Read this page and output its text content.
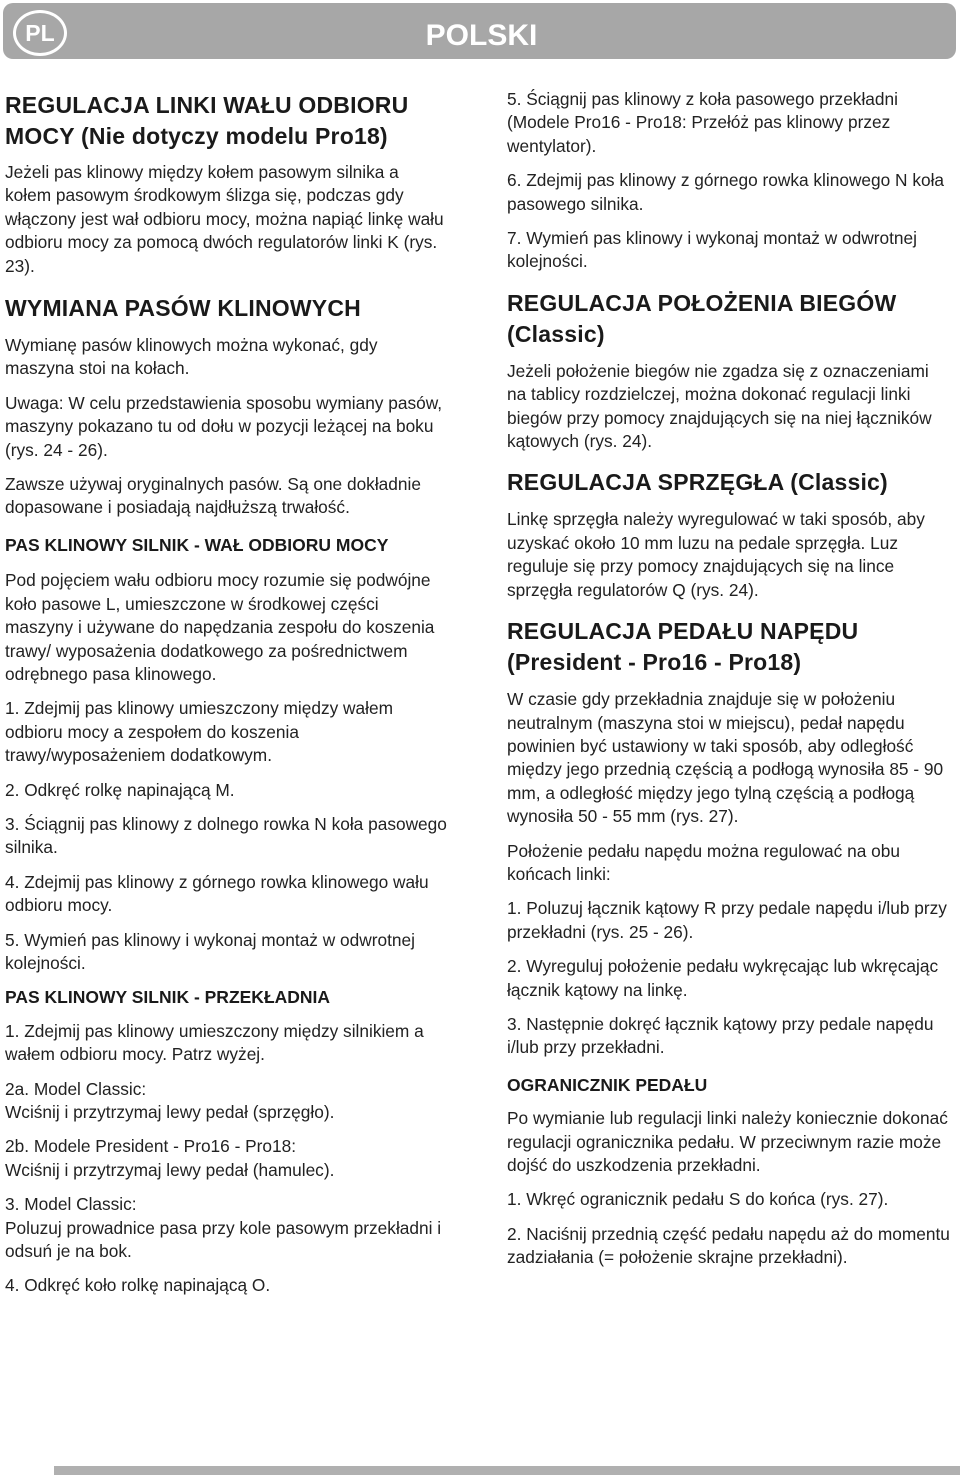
PL	POLSKI
REGULACJA LINKI WAŁU ODBIORU MOCY (Nie dotyczy modelu Pro18)

Jeżeli pas klinowy między kołem pasowym silnika a kołem pasowym środkowym ślizga się, podczas gdy włączony jest wał odbioru mocy, można napiąć linkę wału odbioru mocy za pomocą dwóch regulatorów linki K (rys. 23).

WYMIANA PASÓW KLINOWYCH

Wymianę pasów klinowych można wykonać, gdy maszyna stoi na kołach.

Uwaga: W celu przedstawienia sposobu wymiany pasów, maszyny pokazano tu od dołu w pozycji leżącej na boku (rys. 24 - 26).

Zawsze używaj oryginalnych pasów. Są one dokładnie dopasowane i posiadają najdłuższą trwałość.

PAS KLINOWY SILNIK - WAŁ ODBIORU MOCY

Pod pojęciem wału odbioru mocy rozumie się podwójne koło pasowe L, umieszczone w środkowej części maszyny i używane do napędzania zespołu do koszenia trawy/ wyposażenia dodatkowego za pośrednictwem odrębnego pasa klinowego.

1. Zdejmij pas klinowy umieszczony między wałem odbioru mocy a zespołem do koszenia trawy/wyposażeniem dodatkowym.

2. Odkręć rolkę napinającą M.

3. Ściągnij pas klinowy z dolnego rowka N koła pasowego silnika.

4. Zdejmij pas klinowy z górnego rowka klinowego wału odbioru mocy.

5. Wymień pas klinowy i wykonaj montaż w odwrotnej kolejności.

PAS KLINOWY SILNIK - PRZEKŁADNIA

1. Zdejmij pas klinowy umieszczony między silnikiem a wałem odbioru mocy. Patrz wyżej.

2a. Model Classic:

Wciśnij i przytrzymaj lewy pedał (sprzęgło).

2b. Modele President - Pro16 - Pro18:

Wciśnij i przytrzymaj lewy pedał (hamulec).

3. Model Classic:

Poluzuj prowadnice pasa przy kole pasowym przekładni i odsuń je na bok.

4. Odkręć koło rolkę napinającą O.

5. Ściągnij pas klinowy z koła pasowego przekładni (Modele Pro16 - Pro18: Przełóż pas klinowy przez wentylator).

6. Zdejmij pas klinowy z górnego rowka klinowego N koła pasowego silnika.

7. Wymień pas klinowy i wykonaj montaż w odwrotnej kolejności.

REGULACJA POŁOŻENIA BIEGÓW (Classic)

Jeżeli położenie biegów nie zgadza się z oznaczeniami na tablicy rozdzielczej, można dokonać regulacji linki biegów przy pomocy znajdujących się na niej łączników kątowych (rys. 24).

REGULACJA SPRZĘGŁA (Classic)

Linkę sprzęgła należy wyregulować w taki sposób, aby uzyskać około 10 mm luzu na pedale sprzęgła. Luz reguluje się przy pomocy znajdujących się na lince sprzęgła regulatorów Q (rys. 24).

REGULACJA PEDAŁU NAPĘDU (President - Pro16 - Pro18)

W czasie gdy przekładnia znajduje się w położeniu neutralnym (maszyna stoi w miejscu), pedał napędu powinien być ustawiony w taki sposób, aby odległość między jego przednią częścią a podłogą wynosiła 85 - 90 mm, a odległość między jego tylną częścią a podłogą wynosiła 50 - 55 mm (rys. 27).

Położenie pedału napędu można regulować na obu końcach linki:

1. Poluzuj łącznik kątowy R przy pedale napędu i/lub przy przekładni (rys. 25 - 26).

2. Wyreguluj położenie pedału wykręcając lub wkręcając łącznik kątowy na linkę.

3. Następnie dokręć łącznik kątowy przy pedale napędu i/lub przy przekładni.

OGRANICZNIK PEDAŁU

Po wymianie lub regulacji linki należy koniecznie dokonać regulacji ogranicznika pedału. W przeciwnym razie może dojść do uszkodzenia przekładni.

1. Wkręć ogranicznik pedału S do końca (rys. 27).

2. Naciśnij przednią część pedału napędu aż do momentu zadziałania (= położenie skrajne przekładni).
